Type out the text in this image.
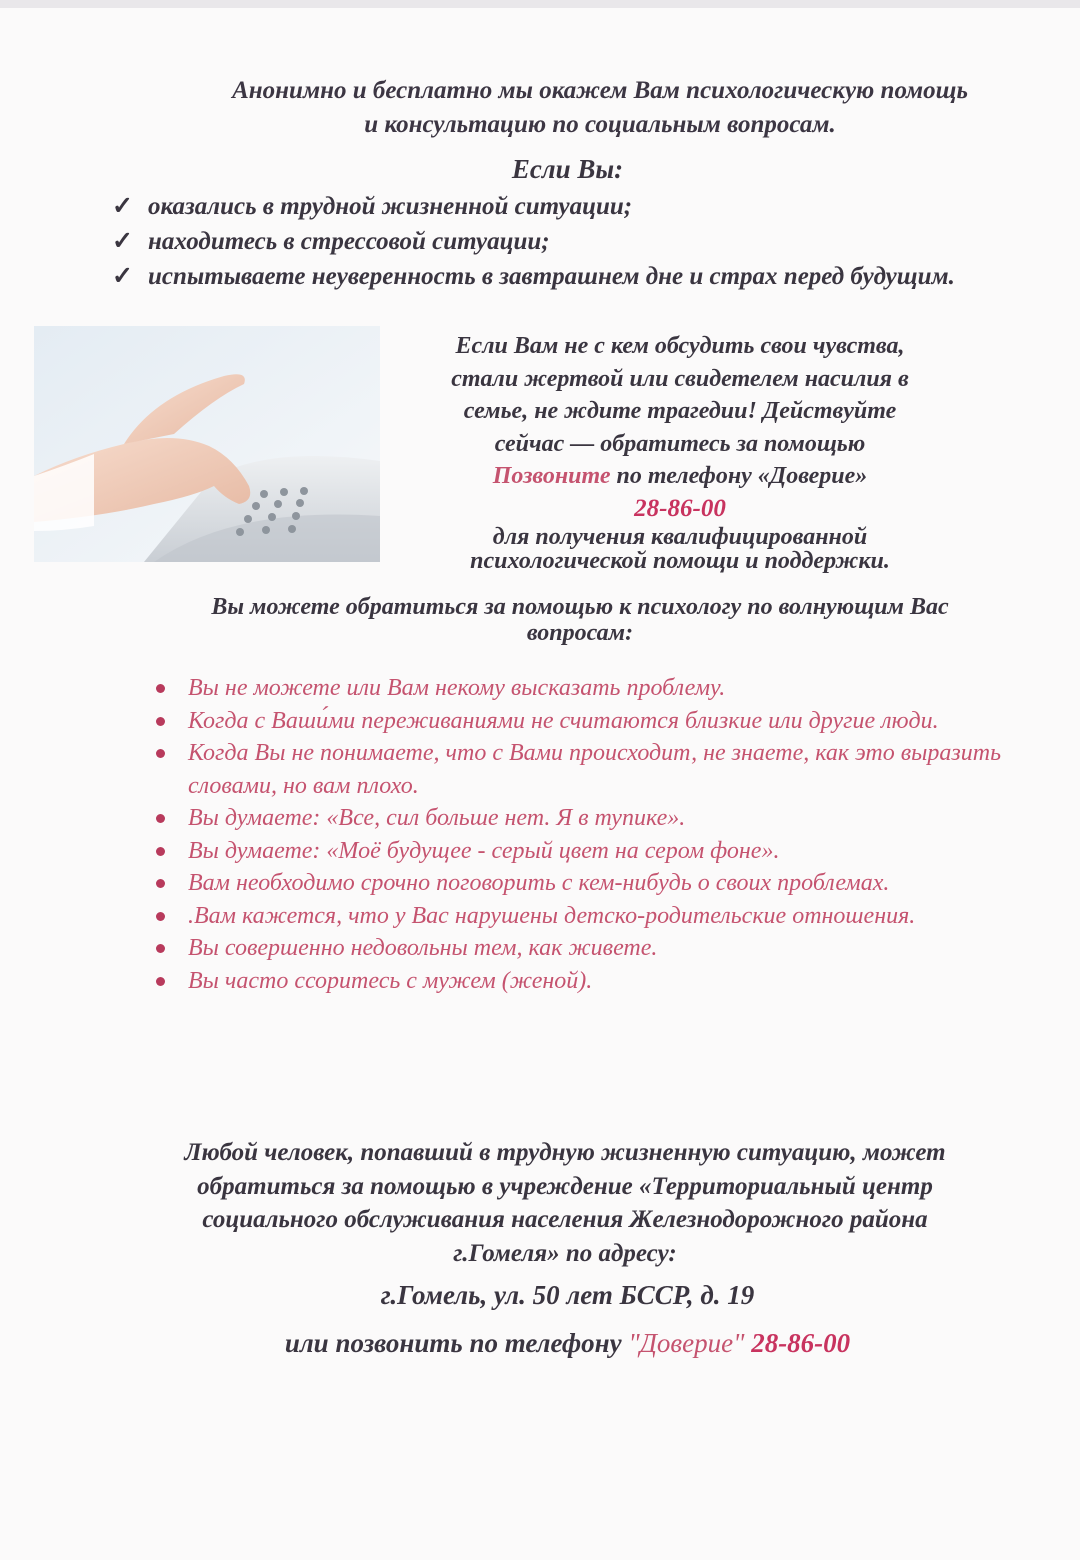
Анонимно и бесплатно мы окажем Вам психологическую помощь
и консультацию по социальным вопросам.
Если Вы:
✓ оказались в трудной жизненной ситуации;
✓ находитесь в стрессовой ситуации;
✓ испытываете неуверенность в завтрашнем дне и страх перед будущим.
Если Вам не с кем обсудить свои чувства,
стали жертвой или свидетелем насилия в
семье, не ждите трагедии! Действуйте
сейчас — обратитесь за помощью
Позвоните по телефону «Доверие»
28-86-00
для получения квалифицированной
психологической помощи и поддержки.
Вы можете обратиться за помощью к психологу по волнующим Вас
вопросам:
Вы не можете или Вам некому высказать проблему.
Когда с Ваши́ми переживаниями не считаются близкие или другие люди.
Когда Вы не понимаете, что с Вами происходит, не знаете, как это выразить словами, но вам плохо.
Вы думаете: «Все, сил больше нет. Я в тупике».
Вы думаете: «Моё будущее - серый цвет на сером фоне».
Вам необходимо срочно поговорить с кем-нибудь о своих проблемах.
.Вам кажется, что у Вас нарушены детско-родительские отношения.
Вы совершенно недовольны тем, как живете.
Вы часто ссоритесь с мужем (женой).
Любой человек, попавший в трудную жизненную ситуацию, может
обратиться за помощью в учреждение «Территориальный центр
социального обслуживания населения Железнодорожного района
г.Гомеля» по адресу:
г.Гомель, ул. 50 лет БССР, д. 19
или позвонить по телефону "Доверие" 28-86-00
